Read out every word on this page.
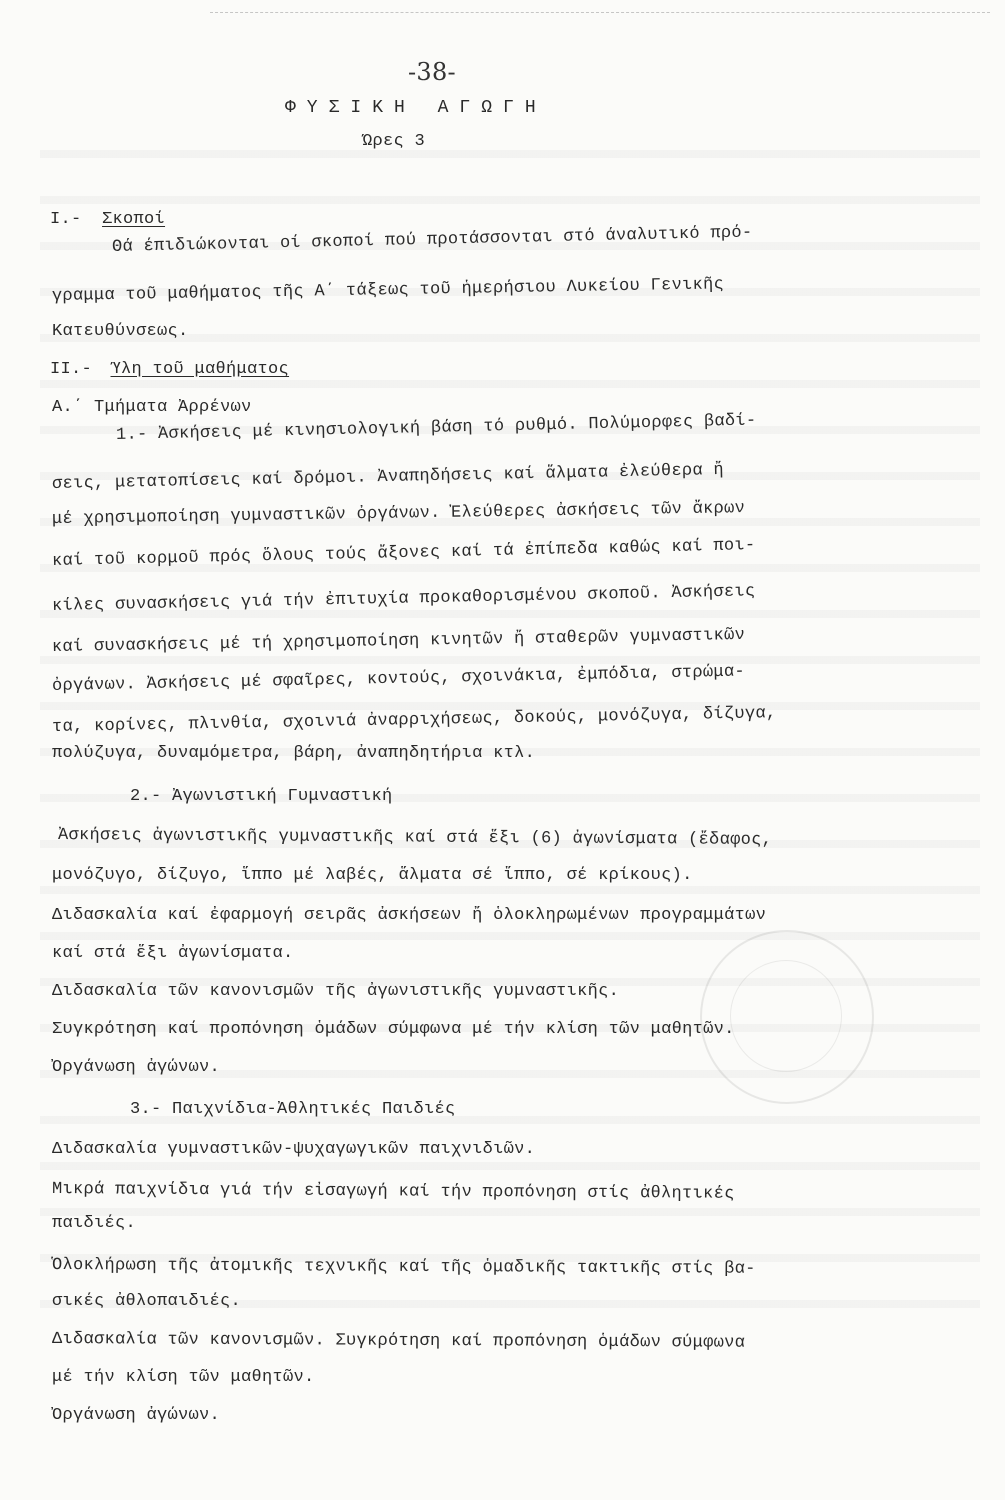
-38-
ΦΥΣΙΚΗ ΑΓΩΓΗ
Ώρες 3
Ι.- Σκοποί
Θά έπιδιώκονται οί σκοποί πού προτάσσονται στό άναλυτικό πρό-
γραμμα τοῦ μαθήματος τῆς Α΄ τάξεως τοῦ ἡμερήσιου Λυκείου Γενικῆς
Κατευθύνσεως.
ΙΙ.- Ύλη τοῦ μαθήματος
Α.΄ Τμήματα Ἀρρένων
1.- Ἀσκήσεις μέ κινησιολογική βάση τό ρυθμό. Πολύμορφες βαδί-
σεις, μετατοπίσεις καί δρόμοι. Ἀναπηδήσεις καί ἅλματα ἐλεύθερα ἤ
μέ χρησιμοποίηση γυμναστικῶν ὀργάνων. Ἐλεύθερες ἀσκήσεις τῶν ἄκρων
καί τοῦ κορμοῦ πρός ὅλους τούς ἄξονες καί τά ἐπίπεδα καθώς καί ποι-
κίλες συνασκήσεις γιά τήν ἐπιτυχία προκαθορισμένου σκοποῦ. Ἀσκήσεις
καί συνασκήσεις μέ τή χρησιμοποίηση κινητῶν ἤ σταθερῶν γυμναστικῶν
ὀργάνων. Ἀσκήσεις μέ σφαῖρες, κοντούς, σχοινάκια, ἐμπόδια, στρώμα-
τα, κορίνες, πλινθία, σχοινιά ἀναρριχήσεως, δοκούς, μονόζυγα, δίζυγα,
πολύζυγα, δυναμόμετρα, βάρη, ἀναπηδητήρια κτλ.
2.- Ἀγωνιστική Γυμναστική
Ἀσκήσεις ἀγωνιστικῆς γυμναστικῆς καί στά ἕξι (6) ἀγωνίσματα (ἔδαφος,
μονόζυγο, δίζυγο, ἵππο μέ λαβές, ἅλματα σέ ἵππο, σέ κρίκους).
Διδασκαλία καί ἐφαρμογή σειρᾶς ἀσκήσεων ἤ ὁλοκληρωμένων προγραμμάτων
καί στά ἕξι ἀγωνίσματα.
Διδασκαλία τῶν κανονισμῶν τῆς ἀγωνιστικῆς γυμναστικῆς.
Συγκρότηση καί προπόνηση ὁμάδων σύμφωνα μέ τήν κλίση τῶν μαθητῶν.
Ὀργάνωση ἀγώνων.
3.- Παιχνίδια-Ἀθλητικές Παιδιές
Διδασκαλία γυμναστικῶν-ψυχαγωγικῶν παιχνιδιῶν.
Μικρά παιχνίδια γιά τήν εἰσαγωγή καί τήν προπόνηση στίς ἀθλητικές
παιδιές.
Ὁλοκλήρωση τῆς ἀτομικῆς τεχνικῆς καί τῆς ὁμαδικῆς τακτικῆς στίς βα-
σικές ἀθλοπαιδιές.
Διδασκαλία τῶν κανονισμῶν. Συγκρότηση καί προπόνηση ὁμάδων σύμφωνα
μέ τήν κλίση τῶν μαθητῶν.
Ὀργάνωση ἀγώνων.
